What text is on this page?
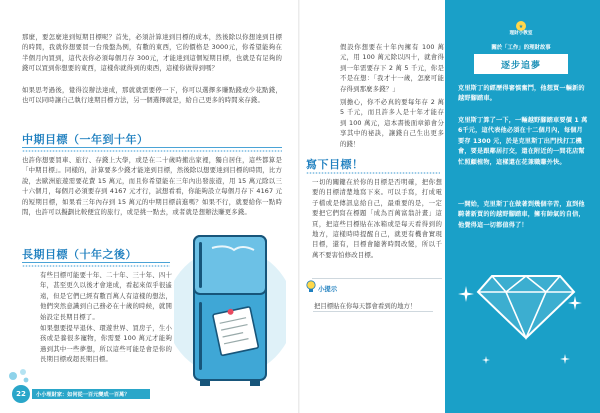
那麼，要怎麼達到短期目標呢？首先，必須計算達到目標的成本，然後除以你想達到目標的時間，我就你想要買一台飛盤為例，有數的東西，它的價格是 3000元，你希望能夠在半個月內買到，這代表你必須每個月存 300元，才能達到這個短期目標，也就是有足夠的錢可以買到你想要的東西，這樣你就得到的東西，這樣你做得到嗎？

如果思考過後，覺得沒辦法達成，那就就需要停一下，你可以選擇多賺點錢或少花點錢，也可以同時讓自己執行達期目標方法，另一個選擇就是，給自己更多的時間來存錢。

中期目標（一年到十年）

也許你想要買車、旅行、存錢上大學，或是在二十歲時搬出家裡，獨自居住，這些都算是「中期目標」。同樣的，計算要多少錢才能達到目標，然後除以想要達到目標的時間，比方說，去歐洲旅遊需要花費 15 萬元，而且你希望能在三年內出發旅遊，用 15 萬元除以三十六個月，每個月必須要存到 4167 元才行，試想看看，你能夠設立每個月存下 4167 元的短期目標，如果看三年內存到 15 萬元的中期目標前進嗎？如果不行，就要給你一點時間，也許可以擬劃比較便宜的旅行，或是挑一點去，或者就是想辦法賺更多錢。

長期目標（十年之後）

有些目標可能要十年、二十年、三十年、四十年，甚至更久以後才會達成，看起來似乎很遙遠，但是它們已經有數百萬人有這樣的想法，他們突然意識到自己務必在十歲的時候，就開始設定長期目標了。

如果想要提早退休、環遊世界、買房子，生小孩或是養很多寵物，你需要 100 萬元才能夠過到其中一些夢想，所以這些可能是會是你的長期目標或超長期目標。

22	小小理財家：如何從一百元變成一百萬？

假設你想要在十年內擁有 100 萬元，用 100 萬元除以四十，就會得到一年需要存下 2 萬 5 千元，你是不是在想：「我才十一歲，怎麼可能存得到那麼多錢？」

別擔心，你不必真的要每年存 2 萬 5 千元，而且許多人是十年才能存到 100 萬元，這本書後面章節會分享其中的祕訣，讓錢自己生出更多的錢！

一切的關鍵在於你的目標是否明確，把你想要的目標清楚地寫下來。可以手寫，打成電子檔或是傳訊息給自己，最重要的是，一定要把它們寫在標題「成為百萬富翁計畫」這頁，把這些目標貼在冰箱或是每天看得到的地方，這樣時時提醒自己，就更有機會實現目標，還有，目標會隨著時間改變，所以千萬不要害怕修改目標。

寫下目標！
小提示
把目標貼在你每天都會看到的地方！
★
理財小教室
關於「工作」的理財故事
逐步追夢
克里斯丁的經歷得審慎奮鬥，他想買一輛新的越野腳踏車。
克里斯丁算了一下，一輛越野腳踏車要價 1 萬 6千元，這代表他必須在十二個月內，每個月要存 1300 元，於是克里斯丁出門找打工機會，要是跟鄰居打交，還在附近的一間花店幫忙照顧植物，這樣還在花兼職賺外快。
一開始，克里斯丁在做著到幾個辛苦，直到他騎著新買的的越野腳踏車，擁有帥氣的自信，他覺得這一切都值得了！
